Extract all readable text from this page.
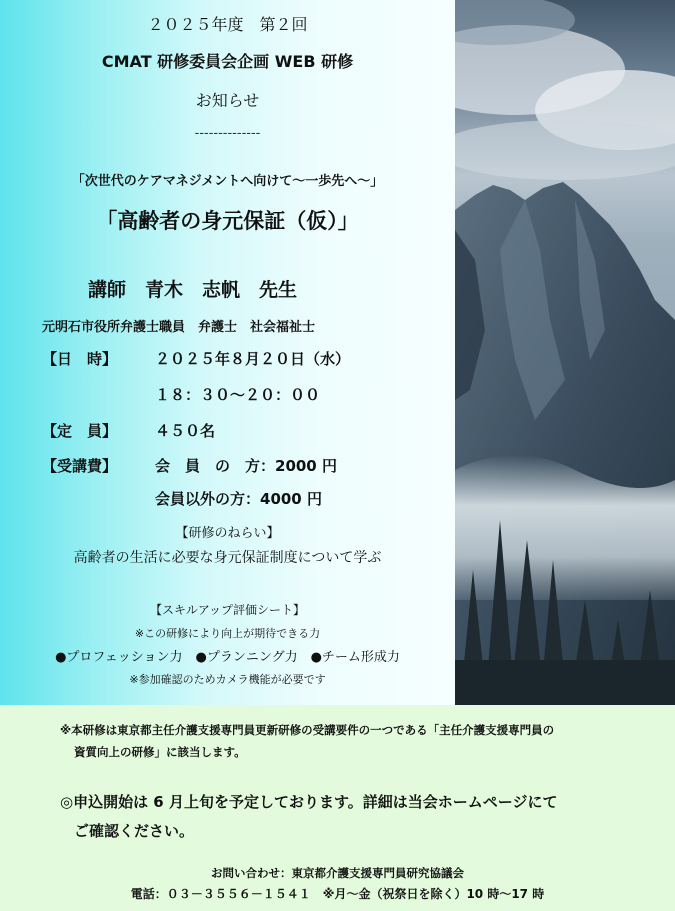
２０２５年度　第２回
CMAT 研修委員会企画 WEB 研修
お知らせ
--------------
「次世代のケアマネジメントへ向けて～一歩先へ～」
「高齢者の身元保証（仮）」
講師　青木　志帆　先生
元明石市役所弁護士職員　弁護士　社会福祉士
【日　時】	２０２５年８月２０日（水）
１８：３０～２０：００
【定　員】	４５０名
【受講費】	会　員　の　方：2000 円
会員以外の方：4000 円
【研修のねらい】
高齢者の生活に必要な身元保証制度について学ぶ
【スキルアップ評価シート】
※この研修により向上が期待できる力
●プロフェッション力　●プランニング力　●チーム形成力
※参加確認のためカメラ機能が必要です
※本研修は東京都主任介護支援専門員更新研修の受講要件の一つである「主任介護支援専門員の
資質向上の研修」に該当します。
◎申込開始は 6 月上旬を予定しております。詳細は当会ホームページにて
ご確認ください。
お問い合わせ：東京都介護支援専門員研究協議会
電話：０３－３５５６－１５４１　※月～金（祝祭日を除く）10 時～17 時
